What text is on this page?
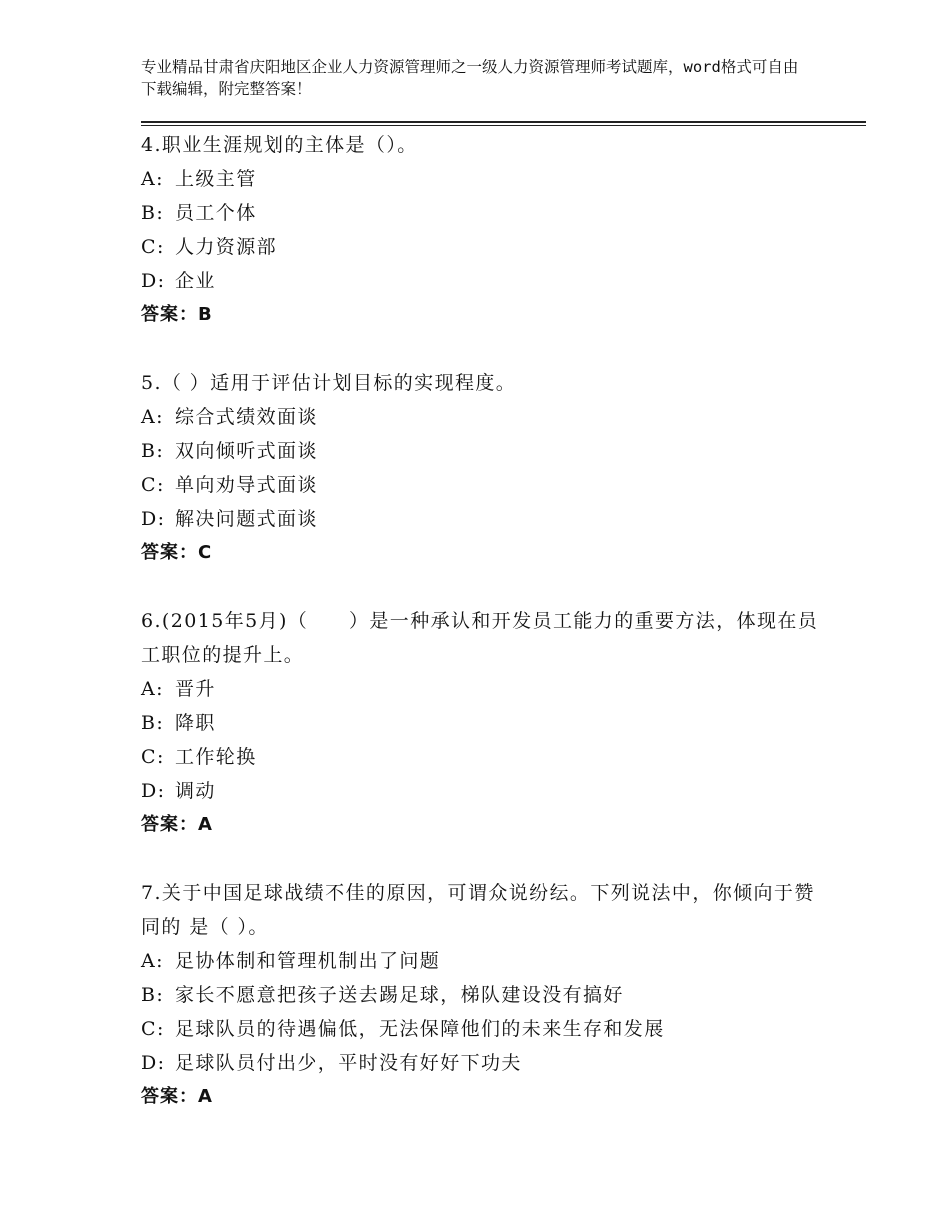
专业精品甘肃省庆阳地区企业人力资源管理师之一级人力资源管理师考试题库，word格式可自由下载编辑，附完整答案！

4.职业生涯规划的主体是（）。

A: 上级主管

B: 员工个体

C: 人力资源部

D: 企业

答案：B

5.（ ）适用于评估计划目标的实现程度。

A: 综合式绩效面谈

B: 双向倾听式面谈

C: 单向劝导式面谈

D: 解决问题式面谈

答案：C

6.(2015年5月)（　　）是一种承认和开发员工能力的重要方法，体现在员工职位的提升上。

A: 晋升

B: 降职

C: 工作轮换

D: 调动

答案：A

7.关于中国足球战绩不佳的原因，可谓众说纷纭。下列说法中，你倾向于赞同的 是（ ）。

A: 足协体制和管理机制出了问题

B: 家长不愿意把孩子送去踢足球，梯队建设没有搞好

C: 足球队员的待遇偏低，无法保障他们的未来生存和发展

D: 足球队员付出少，平时没有好好下功夫

答案：A
